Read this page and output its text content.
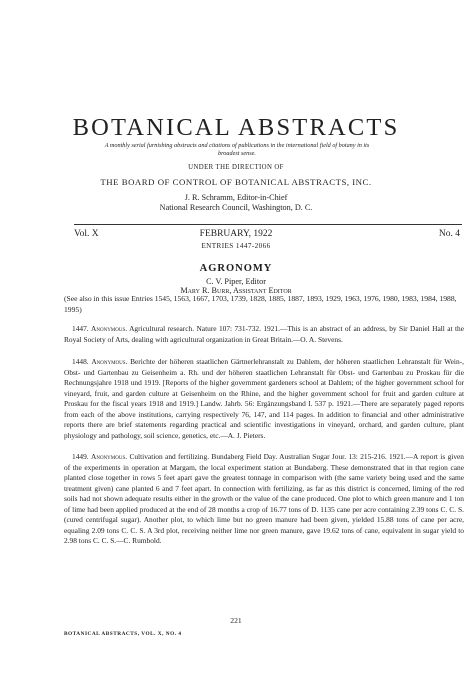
BOTANICAL ABSTRACTS
A monthly serial furnishing abstracts and citations of publications in the international field of botany in its broadest sense.
UNDER THE DIRECTION OF
THE BOARD OF CONTROL OF BOTANICAL ABSTRACTS, INC.
J. R. Schramm, Editor-in-Chief
National Research Council, Washington, D. C.
Vol. X	FEBRUARY, 1922	No. 4
ENTRIES 1447-2066
AGRONOMY
C. V. Piper, Editor
Mary R. Burr, Assistant Editor
(See also in this issue Entries 1545, 1563, 1667, 1703, 1739, 1828, 1885, 1887, 1893, 1929, 1963, 1976, 1980, 1983, 1984, 1988, 1995)
1447. Anonymous. Agricultural research. Nature 107: 731-732. 1921.—This is an abstract of an address, by Sir Daniel Hall at the Royal Society of Arts, dealing with agricultural organization in Great Britain.—O. A. Stevens.
1448. Anonymous. Berichte der höheren staatlichen Gärtnerlehranstalt zu Dahlem, der höheren staatlichen Lehranstalt für Wein-, Obst- und Gartenbau zu Geisenheim a. Rh. und der höheren staatlichen Lehranstalt für Obst- und Gartenbau zu Proskau für die Rechnungsjahre 1918 und 1919. [Reports of the higher government gardeners school at Dahlem; of the higher government school for vineyard, fruit, and garden culture at Geisenheim on the Rhine, and the higher government school for fruit and garden culture at Proskau for the fiscal years 1918 and 1919.] Landw. Jahrb. 56: Ergänzungsband I. 537 p. 1921.—There are separately paged reports from each of the above institutions, carrying respectively 76, 147, and 114 pages. In addition to financial and other administrative reports there are brief statements regarding practical and scientific investigations in vineyard, orchard, and garden culture, plant physiology and pathology, soil science, genetics, etc.—A. J. Pieters.
1449. Anonymous. Cultivation and fertilizing. Bundaberg Field Day. Australian Sugar Jour. 13: 215-216. 1921.—A report is given of the experiments in operation at Margam, the local experiment station at Bundaberg. These demonstrated that in that region cane planted close together in rows 5 feet apart gave the greatest tonnage in comparison with (the same variety being used and the same treatment given) cane planted 6 and 7 feet apart. In connection with fertilizing, as far as this district is concerned, liming of the red soils had not shown adequate results either in the growth or the value of the cane produced. One plot to which green manure and 1 ton of lime had been applied produced at the end of 28 months a crop of 16.77 tons of D. 1135 cane per acre containing 2.39 tons C. C. S. (cured centrifugal sugar). Another plot, to which lime but no green manure had been given, yielded 15.88 tons of cane per acre, equaling 2.09 tons C. C. S. A 3rd plot, receiving neither lime nor green manure, gave 19.62 tons of cane, equivalent in sugar yield to 2.98 tons C. C. S.—C. Rumbold.
221
BOTANICAL ABSTRACTS, VOL. X, NO. 4
